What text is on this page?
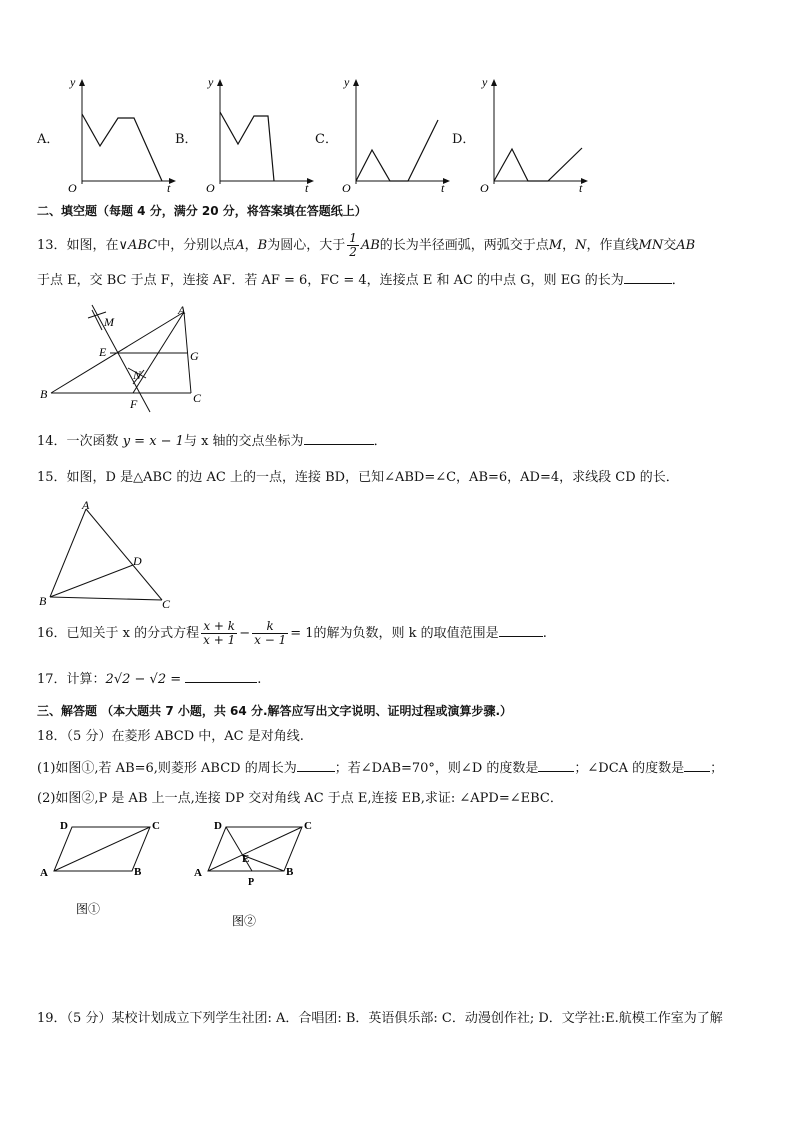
A．
y
O	t
B．
y
O	t
C．
y
O	t
D．
y
O	t
二、填空题（每题 4 分，满分 20 分，将答案填在答题纸上）
13．如图，在∨ABC中，分别以点A，B为圆心，大于 $\frac{1}{2}$ AB的长为半径画弧，两弧交于点M，N，作直线MN交AB
于点 E，交 BC 于点 F，连接 AF．若 AF = 6，FC = 4，连接点 E 和 AC 的中点 G，则 EG 的长为	．
A
B	C
E
F
G
M
N
14．一次函数 y = x − 1与 x 轴的交点坐标为	．
15．如图，D 是△ABC 的边 AC 上的一点，连接 BD，已知∠ABD=∠C，AB=6，AD=4，求线段 CD 的长．
A
B	C
D
16．已知关于 x 的分式方程 $\frac{x + k}{x + 1} - \frac{k}{x - 1} = 1$的解为负数，则 k 的取值范围是	.
17．计算：2√2 − √2 =	.
三、解答题 （本大题共 7 小题，共 64 分.解答应写出文字说明、证明过程或演算步骤.）
18．（5 分）在菱形 ABCD 中，AC 是对角线.
(1)如图①,若 AB=6,则菱形 ABCD 的周长为	；若∠DAB=70°，则∠D 的度数是	；∠DCA 的度数是 ；
(2)如图②,P 是 AB 上一点,连接 DP 交对角线 AC 于点 E,连接 EB,求证: ∠APD=∠EBC．
D	C
A	B
图①
D	C
A	B
E
P
图②
19．（5 分）某校计划成立下列学生社团: A．合唱团: B．英语俱乐部: C．动漫创作社; D．文学社:E.航模工作室为了解
